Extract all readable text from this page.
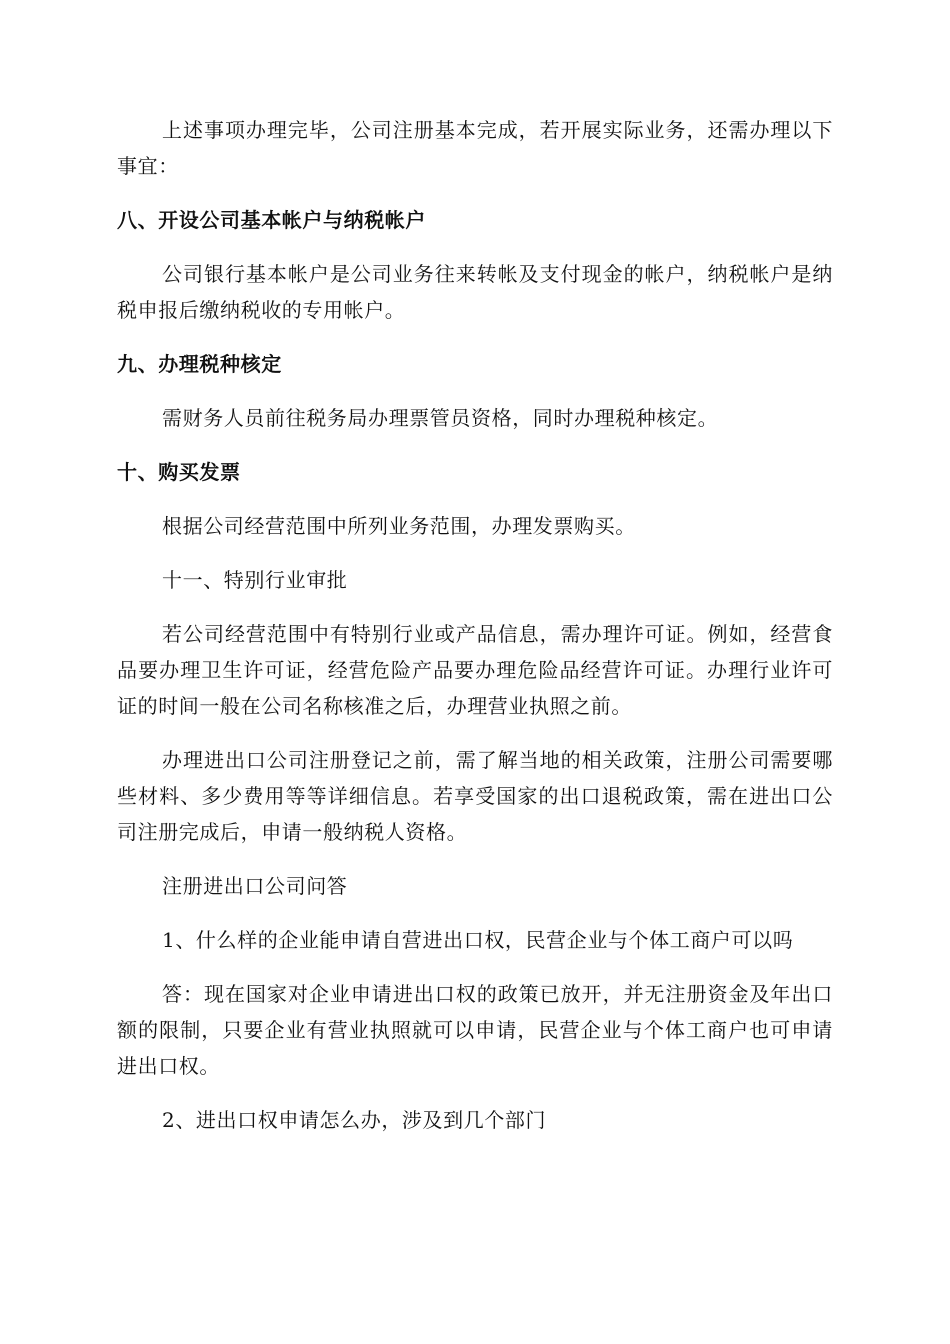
上述事项办理完毕，公司注册基本完成，若开展实际业务，还需办理以下事宜：

八、开设公司基本帐户与纳税帐户

公司银行基本帐户是公司业务往来转帐及支付现金的帐户，纳税帐户是纳税申报后缴纳税收的专用帐户。

九、办理税种核定

需财务人员前往税务局办理票管员资格，同时办理税种核定。

十、购买发票

根据公司经营范围中所列业务范围，办理发票购买。

十一、特别行业审批

若公司经营范围中有特别行业或产品信息，需办理许可证。例如，经营食品要办理卫生许可证，经营危险产品要办理危险品经营许可证。办理行业许可证的时间一般在公司名称核准之后，办理营业执照之前。

办理进出口公司注册登记之前，需了解当地的相关政策，注册公司需要哪些材料、多少费用等等详细信息。若享受国家的出口退税政策，需在进出口公司注册完成后，申请一般纳税人资格。

注册进出口公司问答

1、什么样的企业能申请自营进出口权，民营企业与个体工商户可以吗

答：现在国家对企业申请进出口权的政策已放开，并无注册资金及年出口额的限制，只要企业有营业执照就可以申请，民营企业与个体工商户也可申请进出口权。

2、进出口权申请怎么办，涉及到几个部门
